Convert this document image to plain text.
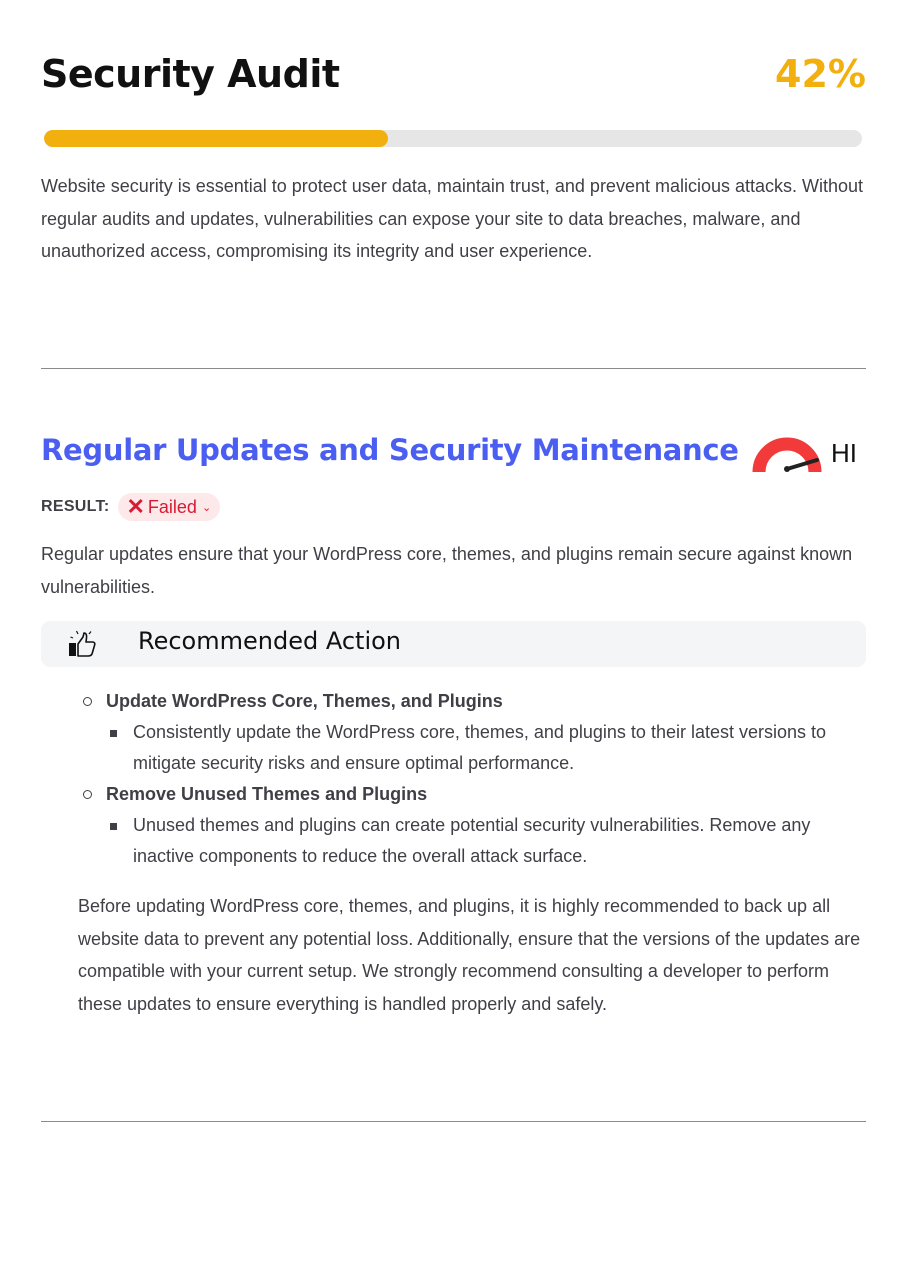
Security Audit	42%

Website security is essential to protect user data, maintain trust, and prevent malicious attacks. Without regular audits and updates, vulnerabilities can expose your site to data breaches, malware, and unauthorized access, compromising its integrity and user experience.

Regular Updates and Security Maintenance	HI
RESULT: ✕ Failed ⌄

Regular updates ensure that your WordPress core, themes, and plugins remain secure against known vulnerabilities.

Recommended Action
Update WordPress Core, Themes, and Plugins
Consistently update the WordPress core, themes, and plugins to their latest versions to mitigate security risks and ensure optimal performance.
Remove Unused Themes and Plugins
Unused themes and plugins can create potential security vulnerabilities. Remove any inactive components to reduce the overall attack surface.

Before updating WordPress core, themes, and plugins, it is highly recommended to back up all website data to prevent any potential loss. Additionally, ensure that the versions of the updates are compatible with your current setup. We strongly recommend consulting a developer to perform these updates to ensure everything is handled properly and safely.
